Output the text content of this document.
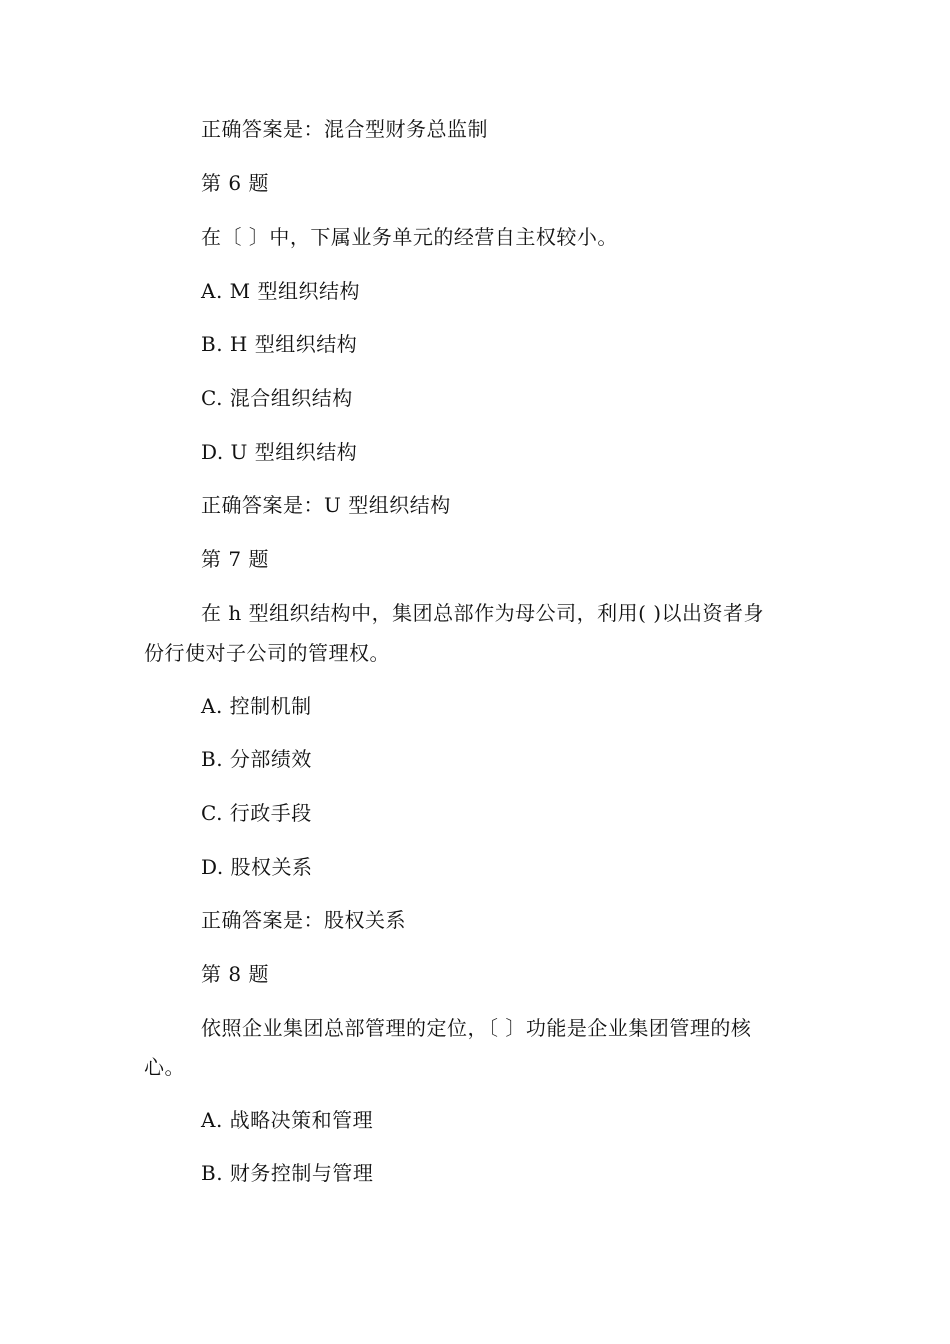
正确答案是：混合型财务总监制
第 6 题
在〔 〕中，下属业务单元的经营自主权较小。
A. M 型组织结构
B. H 型组织结构
C. 混合组织结构
D. U 型组织结构
正确答案是：U 型组织结构
第 7 题
在 h 型组织结构中，集团总部作为母公司，利用( )以出资者身
份行使对子公司的管理权。
A. 控制机制
B. 分部绩效
C. 行政手段
D. 股权关系
正确答案是：股权关系
第 8 题
依照企业集团总部管理的定位，〔 〕功能是企业集团管理的核
心。
A. 战略决策和管理
B. 财务控制与管理
